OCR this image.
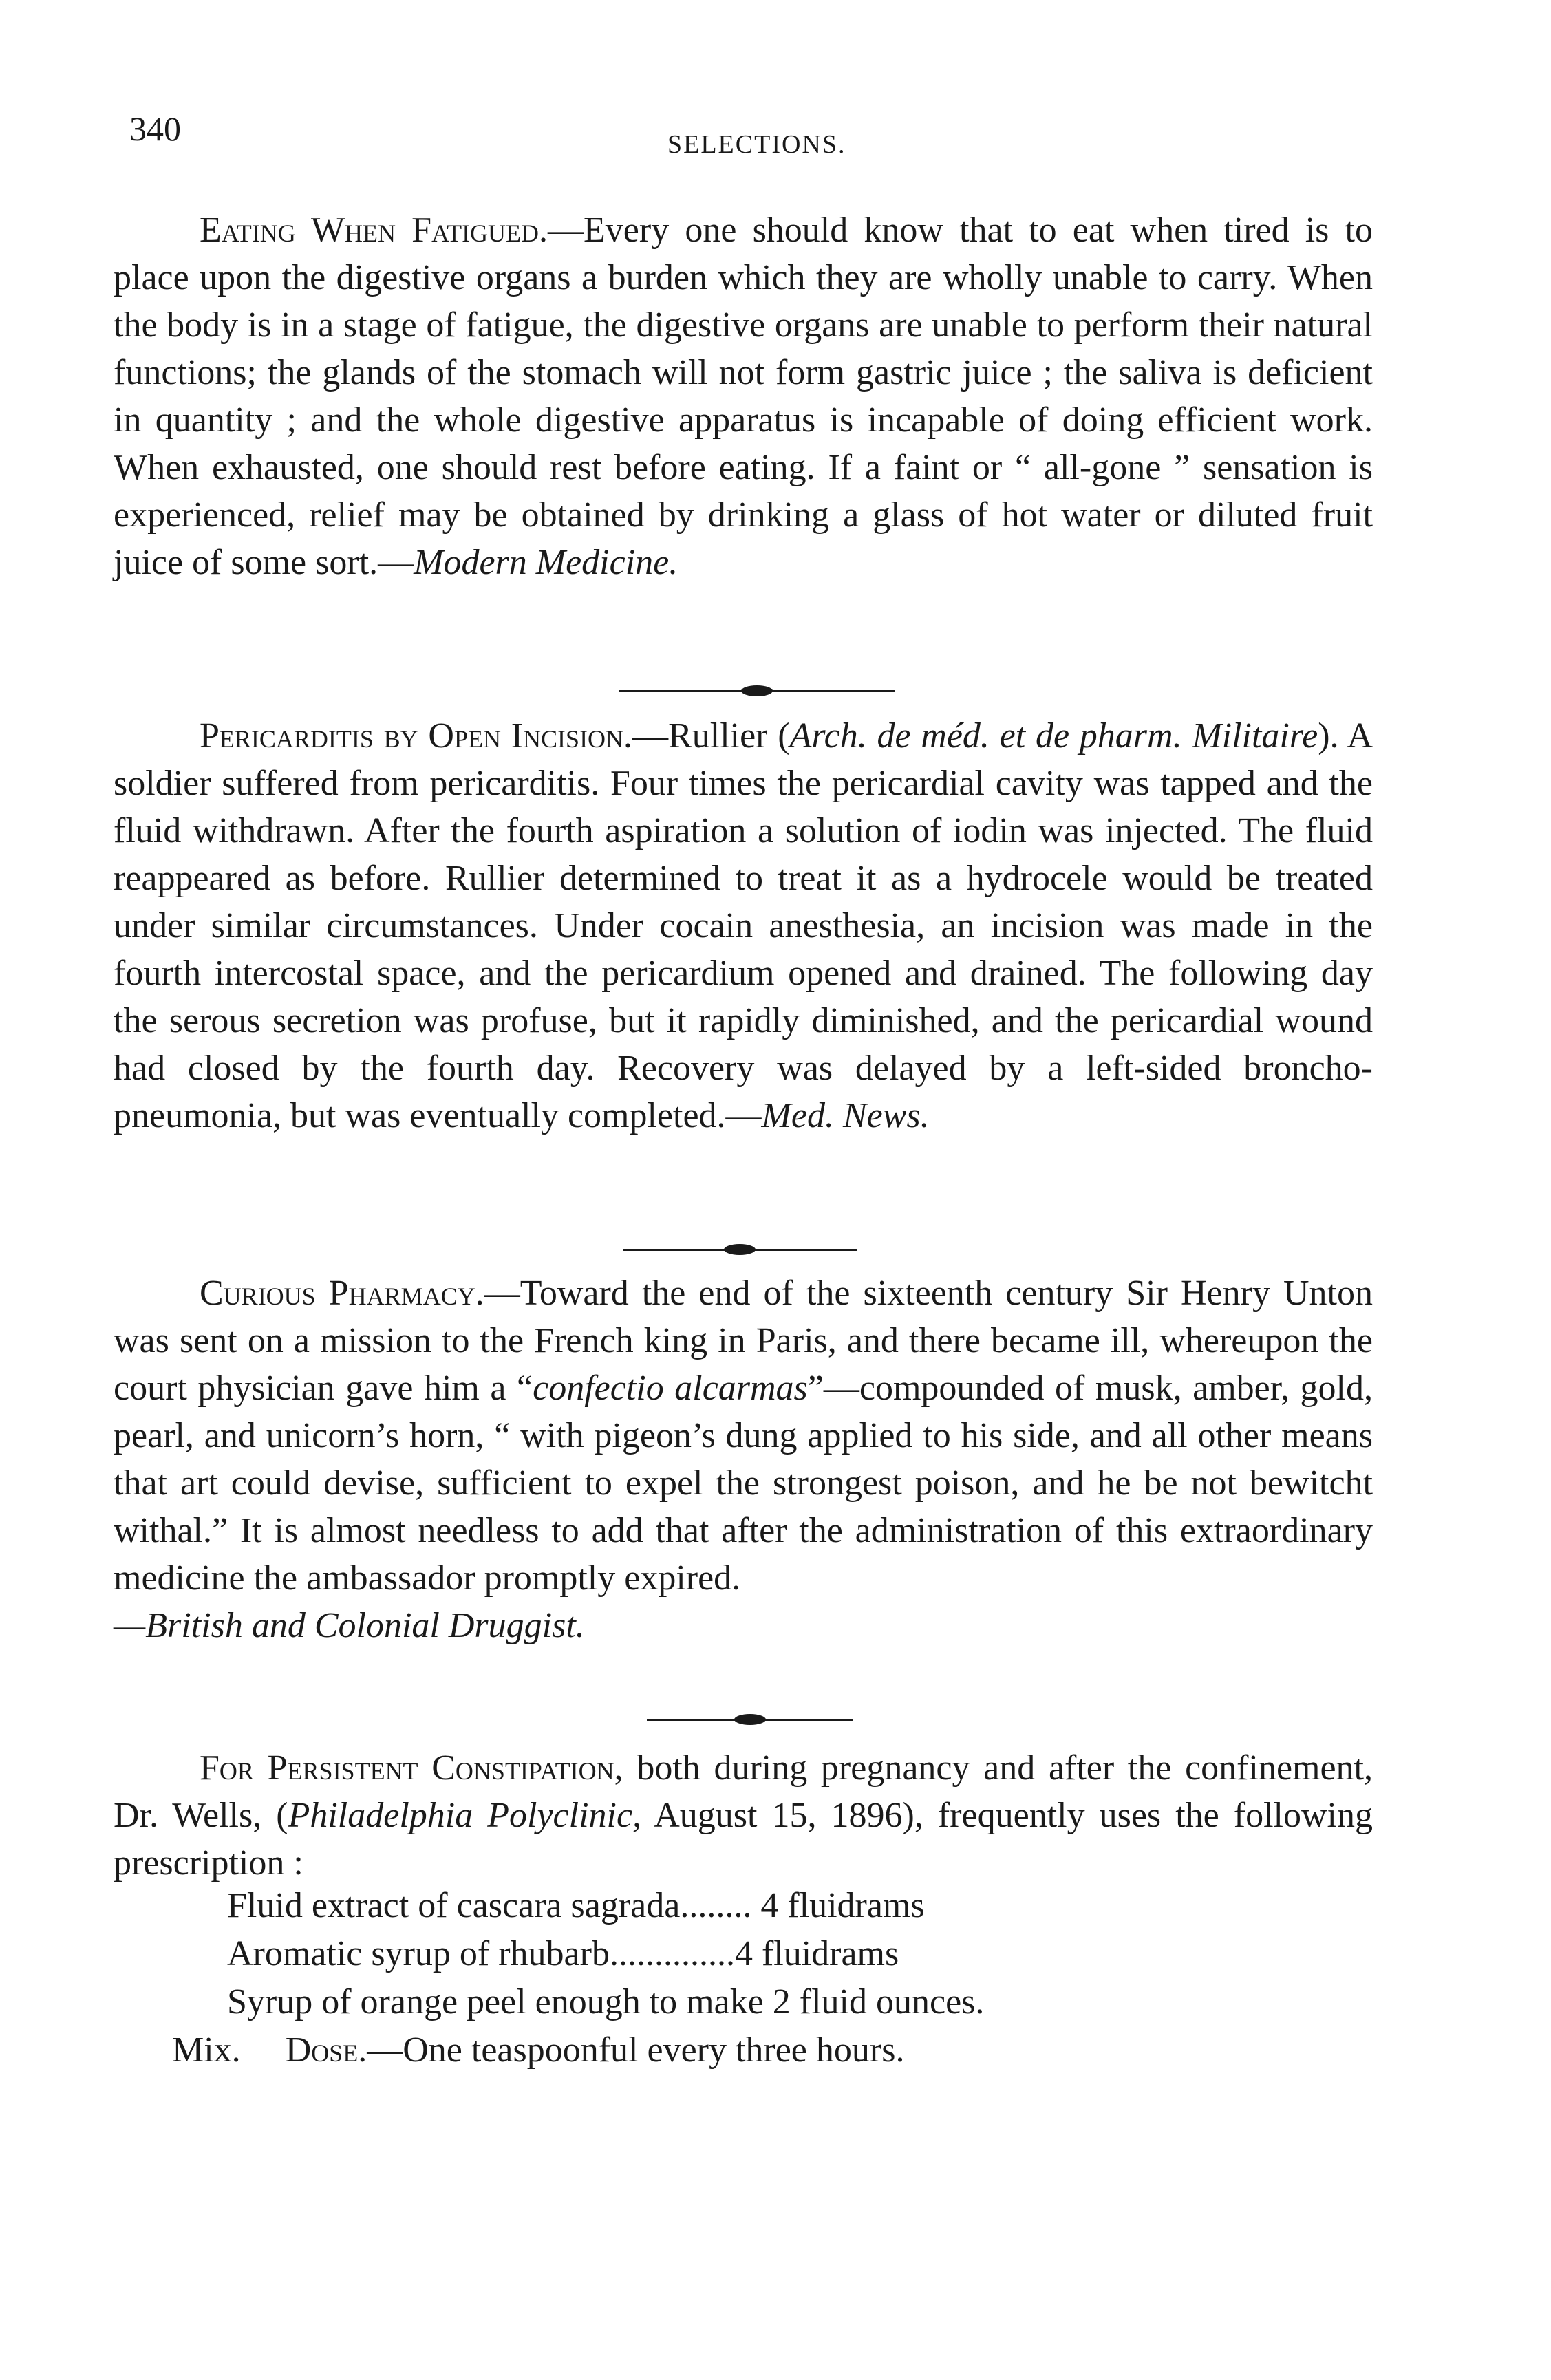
340	SELECTIONS.

Eating When Fatigued.—Every one should know that to eat when tired is to place upon the digestive organs a burden which they are wholly unable to carry. When the body is in a stage of fatigue, the digestive organs are unable to perform their natural functions; the glands of the stomach will not form gastric juice ; the saliva is deficient in quantity ; and the whole digestive apparatus is incapable of doing efficient work. When exhausted, one should rest before eating. If a faint or “ all-gone ” sensation is experienced, relief may be obtained by drinking a glass of hot water or diluted fruit juice of some sort.—Modern Medicine.

Pericarditis by Open Incision.—Rullier (Arch. de méd. et de pharm. Militaire). A soldier suffered from pericarditis. Four times the pericardial cavity was tapped and the fluid withdrawn. After the fourth aspiration a solution of iodin was injected. The fluid reappeared as before. Rullier determined to treat it as a hydrocele would be treated under similar circumstances. Under cocain anesthesia, an incision was made in the fourth intercostal space, and the pericardium opened and drained. The following day the serous secretion was profuse, but it rapidly diminished, and the pericardial wound had closed by the fourth day. Recovery was delayed by a left-sided broncho-pneumonia, but was eventually completed.—Med. News.

Curious Pharmacy.—Toward the end of the sixteenth century Sir Henry Unton was sent on a mission to the French king in Paris, and there became ill, whereupon the court physician gave him a “confectio alcarmas”—compounded of musk, amber, gold, pearl, and unicorn’s horn, “ with pigeon’s dung applied to his side, and all other means that art could devise, sufficient to expel the strongest poison, and he be not bewitcht withal.” It is almost needless to add that after the administration of this extraordinary medicine the ambassador promptly expired.
—British and Colonial Druggist.

For Persistent Constipation, both during pregnancy and after the confinement, Dr. Wells, (Philadelphia Polyclinic, August 15, 1896), frequently uses the following prescription :

Fluid extract of cascara sagrada........ 4 fluidrams
Aromatic syrup of rhubarb..............4 fluidrams
Syrup of orange peel enough to make 2 fluid ounces.
Mix. Dose.—One teaspoonful every three hours.
